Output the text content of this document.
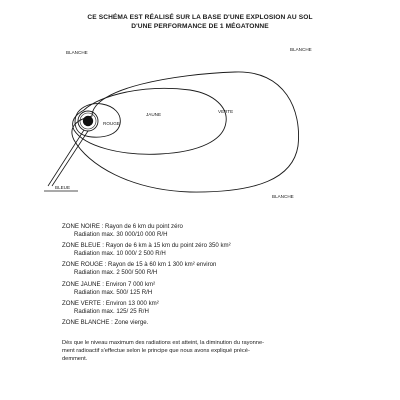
CE SCHÉMA EST RÉALISÉ SUR LA BASE D'UNE EXPLOSION AU SOL
D'UNE PERFORMANCE DE 1 MÉGATONNE
BLANCHE
BLANCHE
BLANCHE
JAUNE
VERTE
ROUGE
BLEUE
ZONE NOIRE : Rayon de 6 km du point zéro
Radiation max. 30 000/10 000 R/H
ZONE BLEUE : Rayon de 6 km à 15 km du point zéro 350 km²
Radiation max. 10 000/ 2 500 R/H
ZONE ROUGE : Rayon de 15 à 60 km 1 300 km² environ
Radiation max. 2 500/ 500 R/H
ZONE JAUNE : Environ 7 000 km²
Radiation max. 500/ 125 R/H
ZONE VERTE : Environ 13 000 km²
Radiation max. 125/ 25 R/H
ZONE BLANCHE : Zone vierge.
Dès que le niveau maximum des radiations est atteint, la diminution du rayonne-
ment radioactif s'effectue selon le principe que nous avons expliqué précé-
demment.
